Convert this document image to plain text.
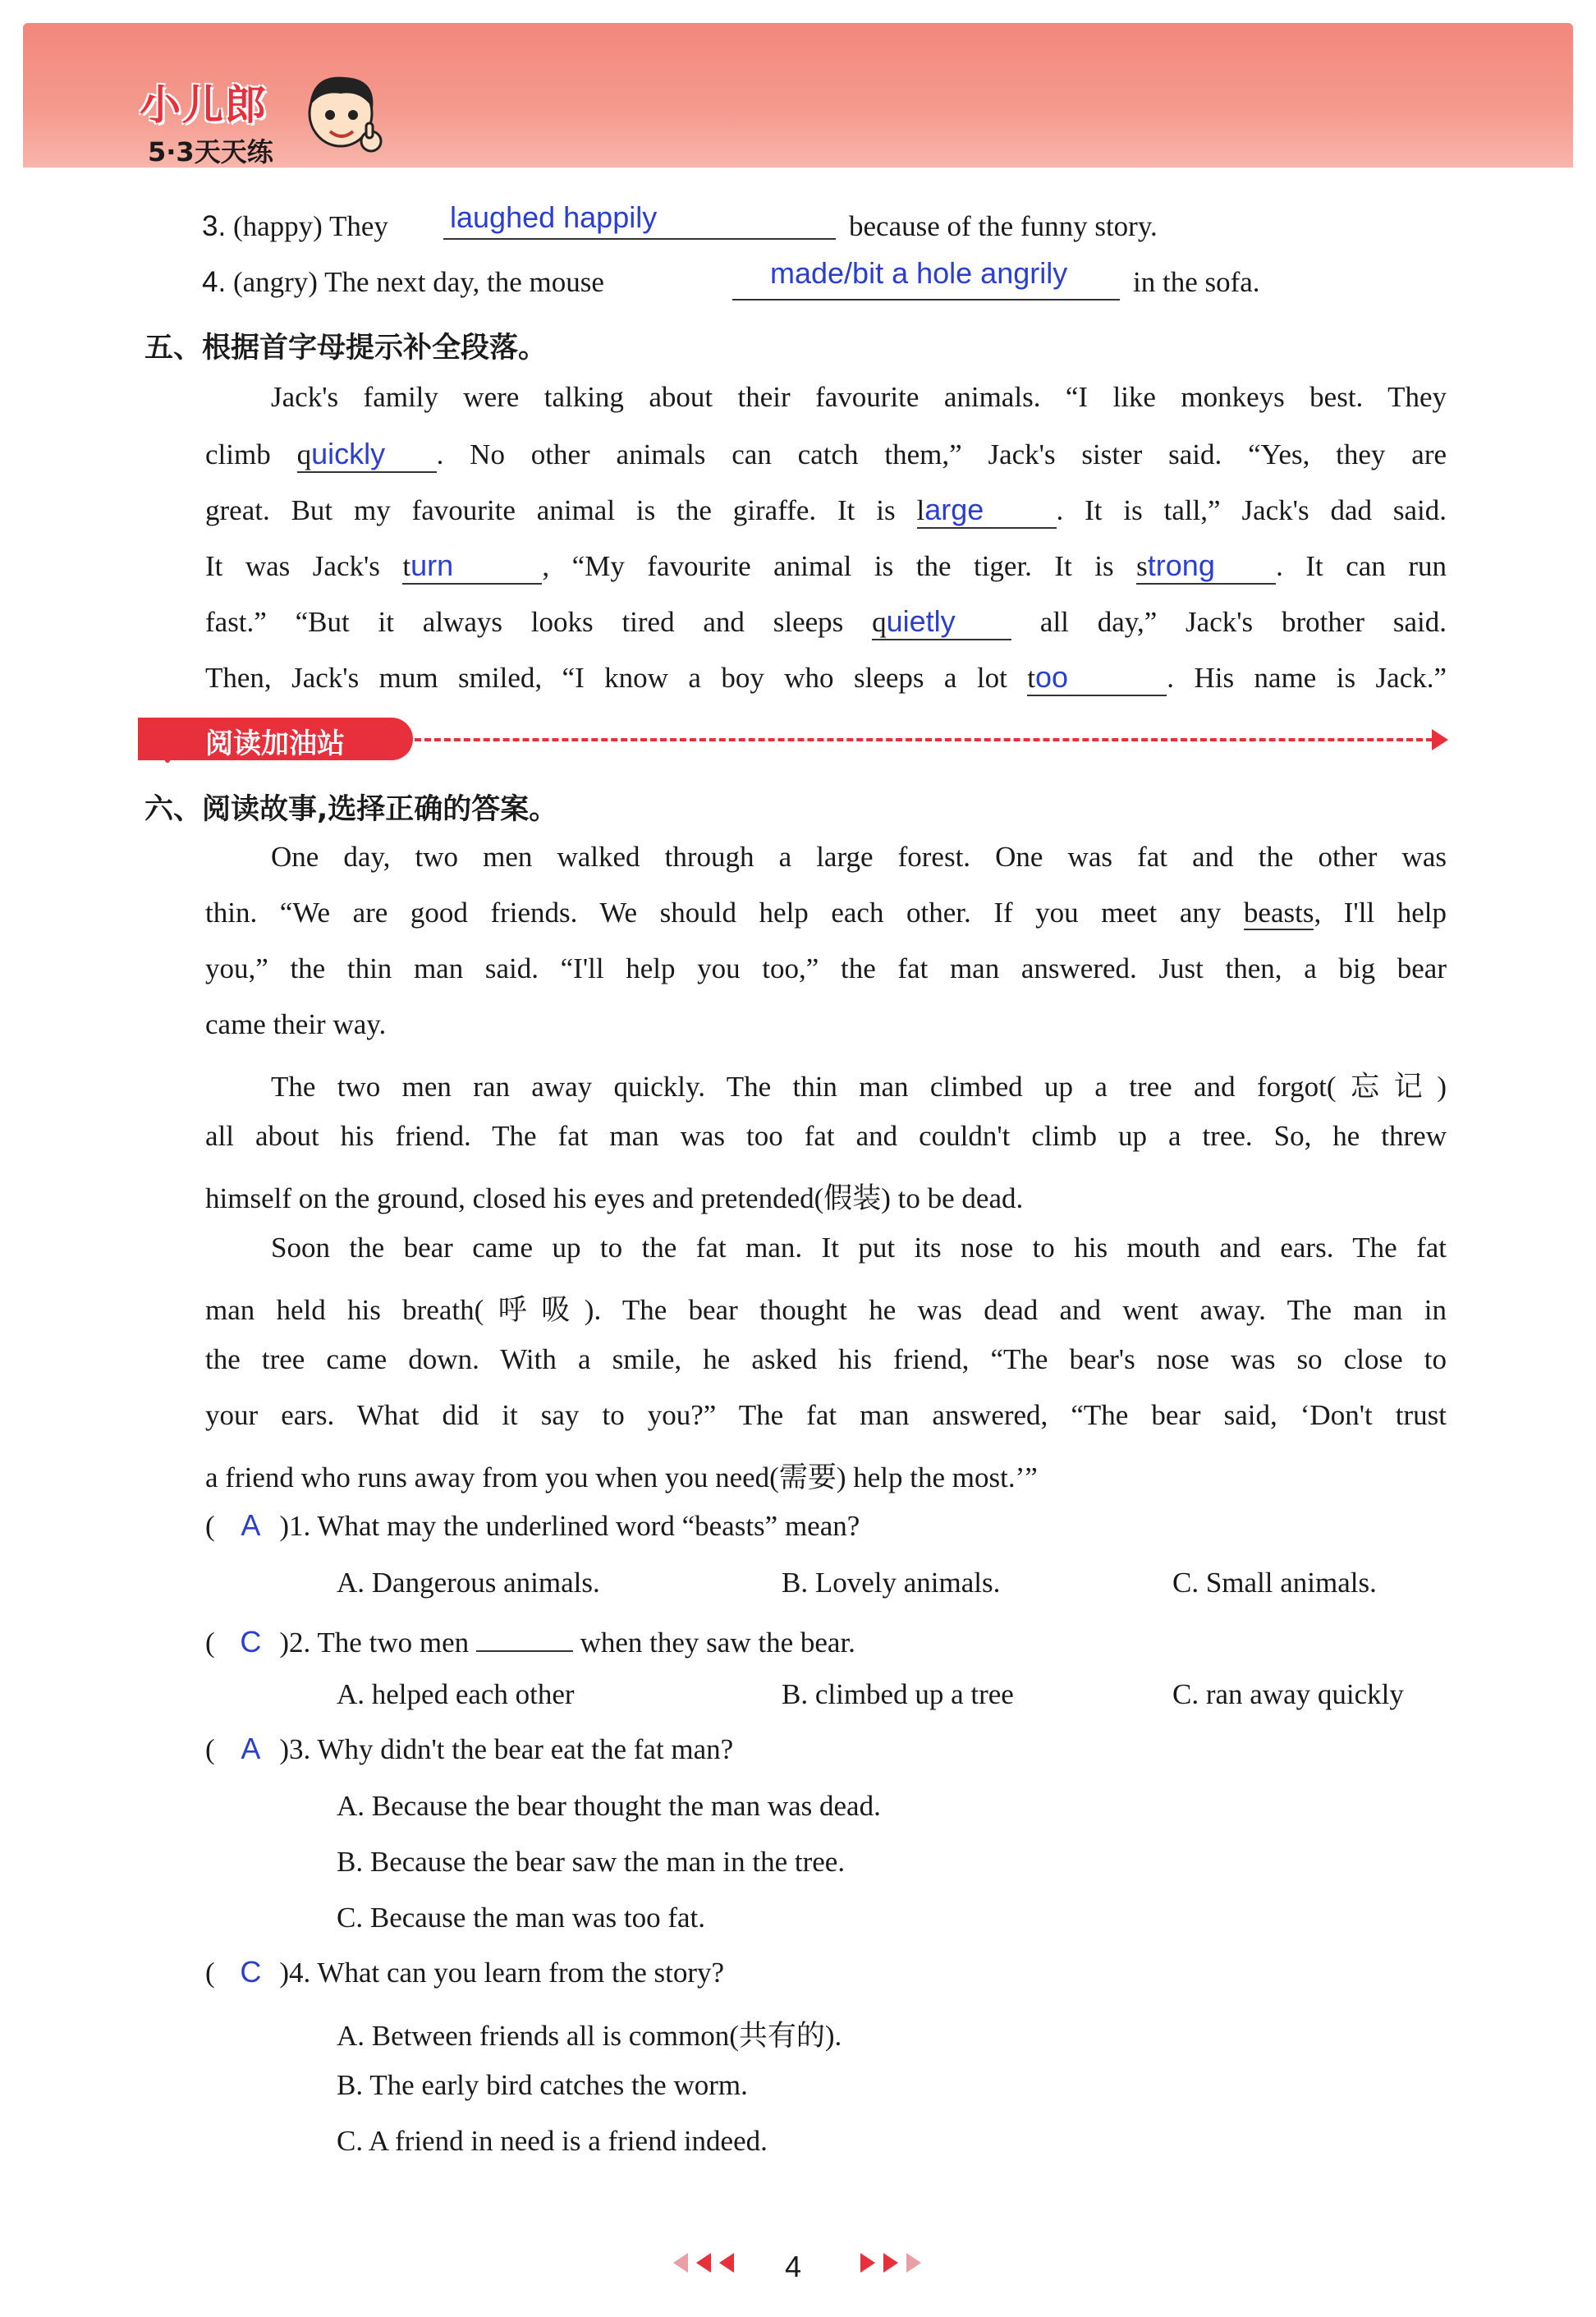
小儿郎
5·3天天练
3. (happy) They laughed happily	because of the funny story.
4. (angry) The next day, the mouse	made/bit a hole angrily in the sofa.
五、根据首字母提示补全段落。
Jack's family were talking about their favourite animals. “I like monkeys best. They
climb quickly . No other animals can catch them,” Jack's sister said. “Yes, they are
great. But my favourite animal is the giraffe. It is large	. It is tall,” Jack's dad said.
It was Jack's turn	, “My favourite animal is the tiger. It is strong . It can run
fast.” “But it always looks tired and sleeps quietly	all day,” Jack's brother said.
Then, Jack's mum smiled, “I know a boy who sleeps a lot too	. His name is Jack.”
阅读加油站
六、阅读故事,选择正确的答案。
One day, two men walked through a large forest. One was fat and the other was
thin. “We are good friends. We should help each other. If you meet any beasts, I'll help
you,” the thin man said. “I'll help you too,” the fat man answered. Just then, a big bear
came their way.
The two men ran away quickly. The thin man climbed up a tree and forgot(忘记)
all about his friend. The fat man was too fat and couldn't climb up a tree. So, he threw
himself on the ground, closed his eyes and pretended(假装) to be dead.
Soon the bear came up to the fat man. It put its nose to his mouth and ears. The fat
man held his breath(呼吸). The bear thought he was dead and went away. The man in
the tree came down. With a smile, he asked his friend, “The bear's nose was so close to
your ears. What did it say to you?” The fat man answered, “The bear said, ‘Don't trust
a friend who runs away from you when you need(需要) help the most.’”
( A )1. What may the underlined word “beasts” mean?
A. Dangerous animals.	B. Lovely animals.	C. Small animals.
( C )2. The two men	when they saw the bear.
A. helped each other	B. climbed up a tree	C. ran away quickly
( A )3. Why didn't the bear eat the fat man?
A. Because the bear thought the man was dead.
B. Because the bear saw the man in the tree.
C. Because the man was too fat.
( C )4. What can you learn from the story?
A. Between friends all is common(共有的).
B. The early bird catches the worm.
C. A friend in need is a friend indeed.
4
